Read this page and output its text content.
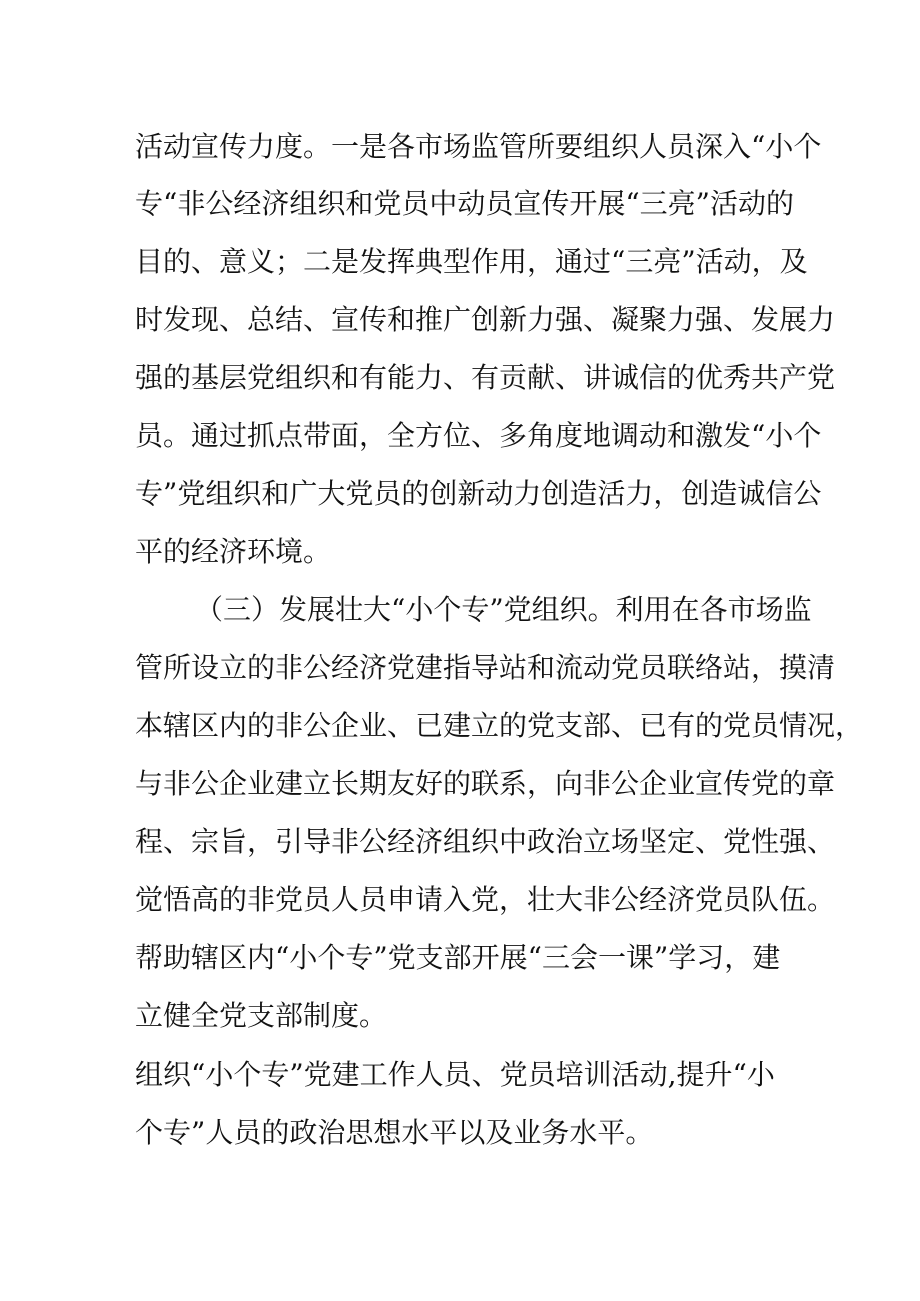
活动宣传力度。一是各市场监管所要组织人员深入“小个

专“非公经济组织和党员中动员宣传开展“三亮”活动的

目的、意义；二是发挥典型作用，通过“三亮”活动，及

时发现、总结、宣传和推广创新力强、凝聚力强、发展力

强的基层党组织和有能力、有贡献、讲诚信的优秀共产党

员。通过抓点带面，全方位、多角度地调动和激发“小个

专”党组织和广大党员的创新动力创造活力，创造诚信公

平的经济环境。

（三）发展壮大“小个专”党组织。利用在各市场监

管所设立的非公经济党建指导站和流动党员联络站，摸清

本辖区内的非公企业、已建立的党支部、已有的党员情况，

与非公企业建立长期友好的联系，向非公企业宣传党的章

程、宗旨，引导非公经济组织中政治立场坚定、党性强、

觉悟高的非党员人员申请入党，壮大非公经济党员队伍。

帮助辖区内“小个专”党支部开展“三会一课”学习，建

立健全党支部制度。

组织“小个专”党建工作人员、党员培训活动,提升“小

个专”人员的政治思想水平以及业务水平。
